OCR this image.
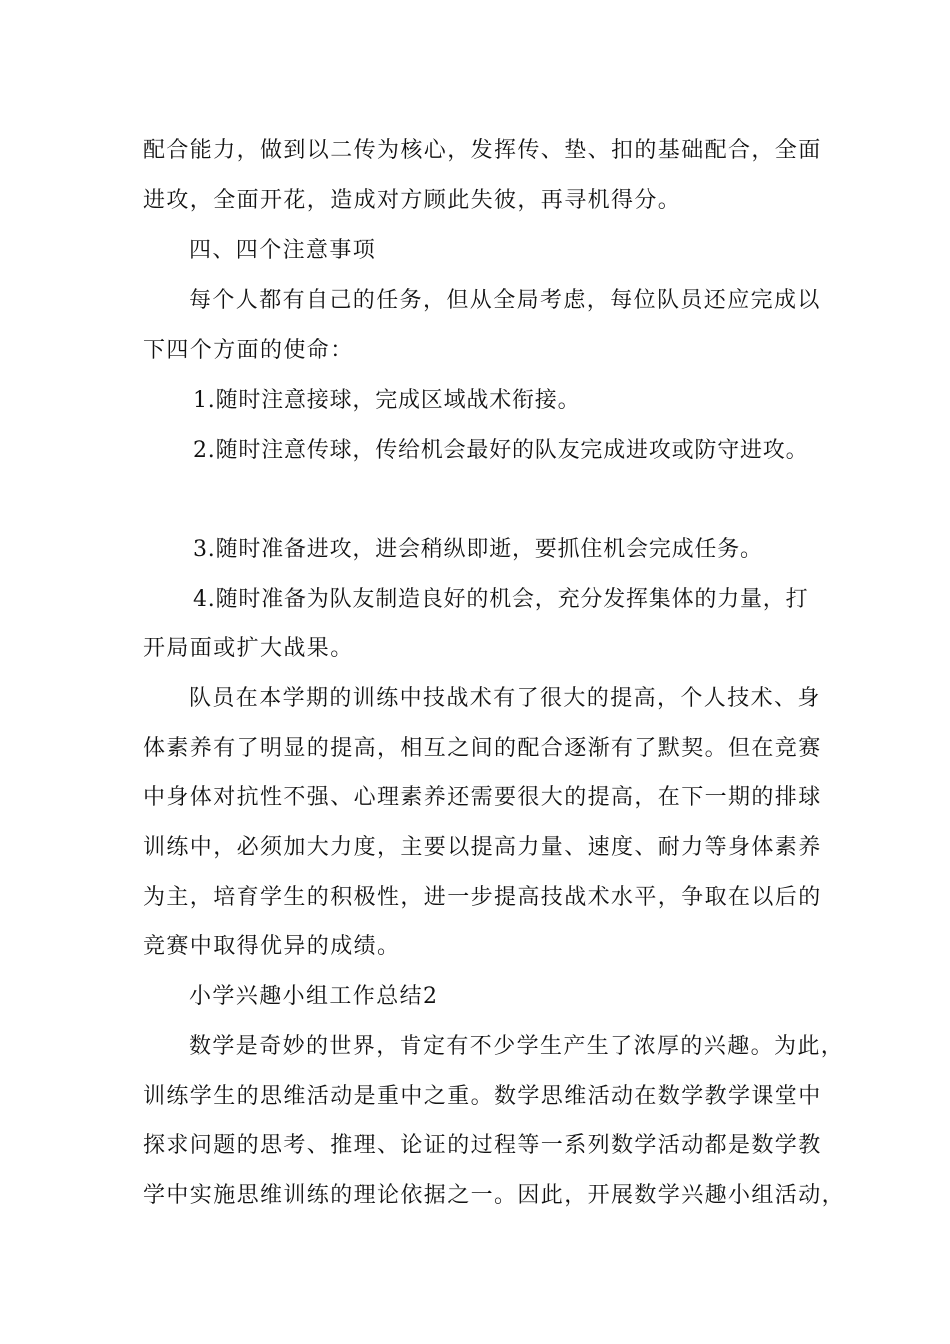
配合能力，做到以二传为核心，发挥传、垫、扣的基础配合，全面
进攻，全面开花，造成对方顾此失彼，再寻机得分。
四、四个注意事项
每个人都有自己的任务，但从全局考虑，每位队员还应完成以
下四个方面的使命：
1.随时注意接球，完成区域战术衔接。
2.随时注意传球，传给机会最好的队友完成进攻或防守进攻。
3.随时准备进攻，进会稍纵即逝，要抓住机会完成任务。
4.随时准备为队友制造良好的机会，充分发挥集体的力量，打
开局面或扩大战果。
队员在本学期的训练中技战术有了很大的提高，个人技术、身
体素养有了明显的提高，相互之间的配合逐渐有了默契。但在竞赛
中身体对抗性不强、心理素养还需要很大的提高，在下一期的排球
训练中，必须加大力度，主要以提高力量、速度、耐力等身体素养
为主，培育学生的积极性，进一步提高技战术水平，争取在以后的
竞赛中取得优异的成绩。
小学兴趣小组工作总结2
数学是奇妙的世界，肯定有不少学生产生了浓厚的兴趣。为此，
训练学生的思维活动是重中之重。数学思维活动在数学教学课堂中
探求问题的思考、推理、论证的过程等一系列数学活动都是数学教
学中实施思维训练的理论依据之一。因此，开展数学兴趣小组活动，
